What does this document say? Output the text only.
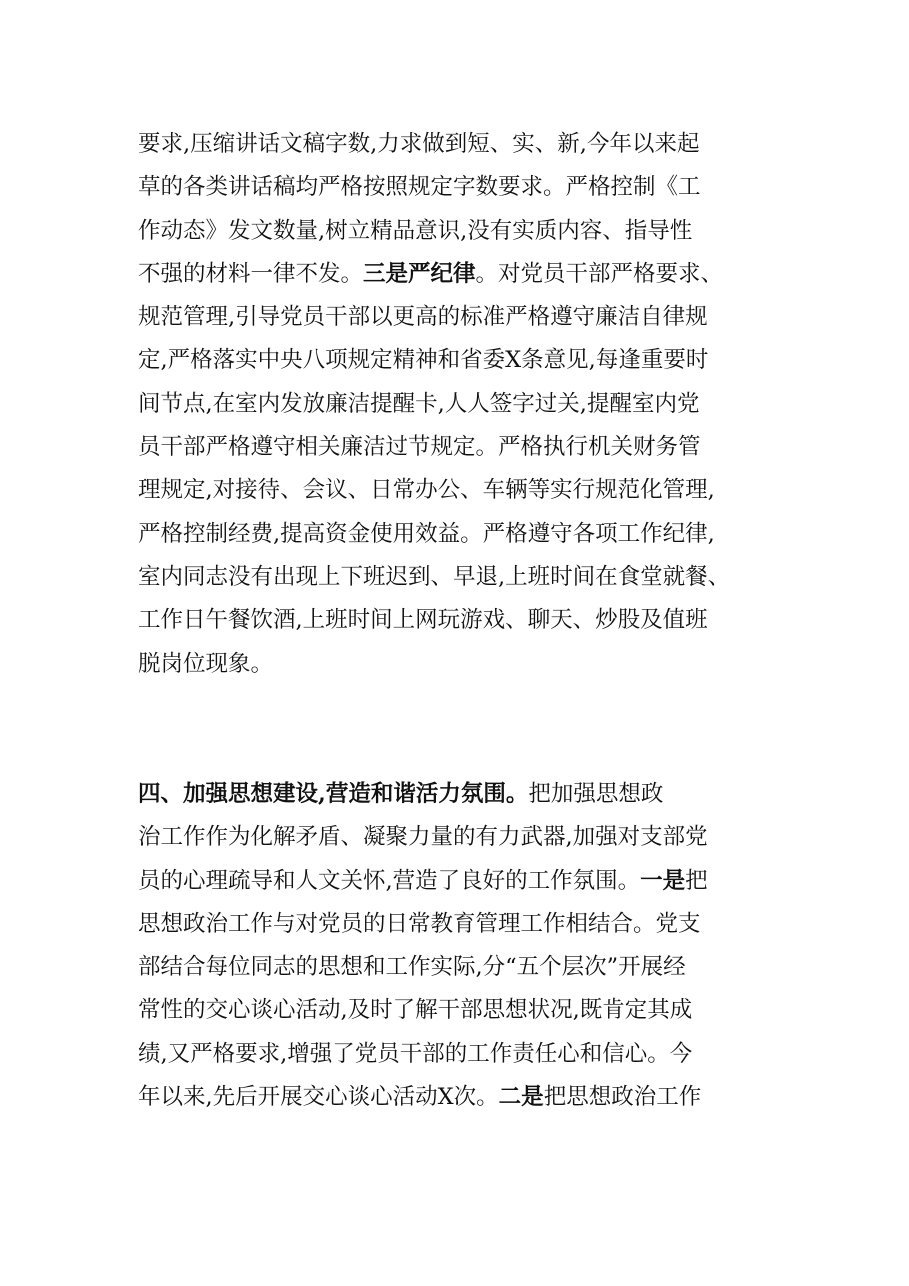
要求,压缩讲话文稿字数,力求做到短、实、新,今年以来起
草的各类讲话稿均严格按照规定字数要求。严格控制《工
作动态》发文数量,树立精品意识,没有实质内容、指导性
不强的材料一律不发。三是严纪律。对党员干部严格要求、
规范管理,引导党员干部以更高的标准严格遵守廉洁自律规
定,严格落实中央八项规定精神和省委X条意见,每逢重要时
间节点,在室内发放廉洁提醒卡,人人签字过关,提醒室内党
员干部严格遵守相关廉洁过节规定。严格执行机关财务管
理规定,对接待、会议、日常办公、车辆等实行规范化管理,
严格控制经费,提高资金使用效益。严格遵守各项工作纪律,
室内同志没有出现上下班迟到、早退,上班时间在食堂就餐、
工作日午餐饮酒,上班时间上网玩游戏、聊天、炒股及值班
脱岗位现象。
四、加强思想建设,营造和谐活力氛围。把加强思想政
治工作作为化解矛盾、凝聚力量的有力武器,加强对支部党
员的心理疏导和人文关怀,营造了良好的工作氛围。一是把
思想政治工作与对党员的日常教育管理工作相结合。党支
部结合每位同志的思想和工作实际,分“五个层次”开展经
常性的交心谈心活动,及时了解干部思想状况,既肯定其成
绩,又严格要求,增强了党员干部的工作责任心和信心。今
年以来,先后开展交心谈心活动X次。二是把思想政治工作
